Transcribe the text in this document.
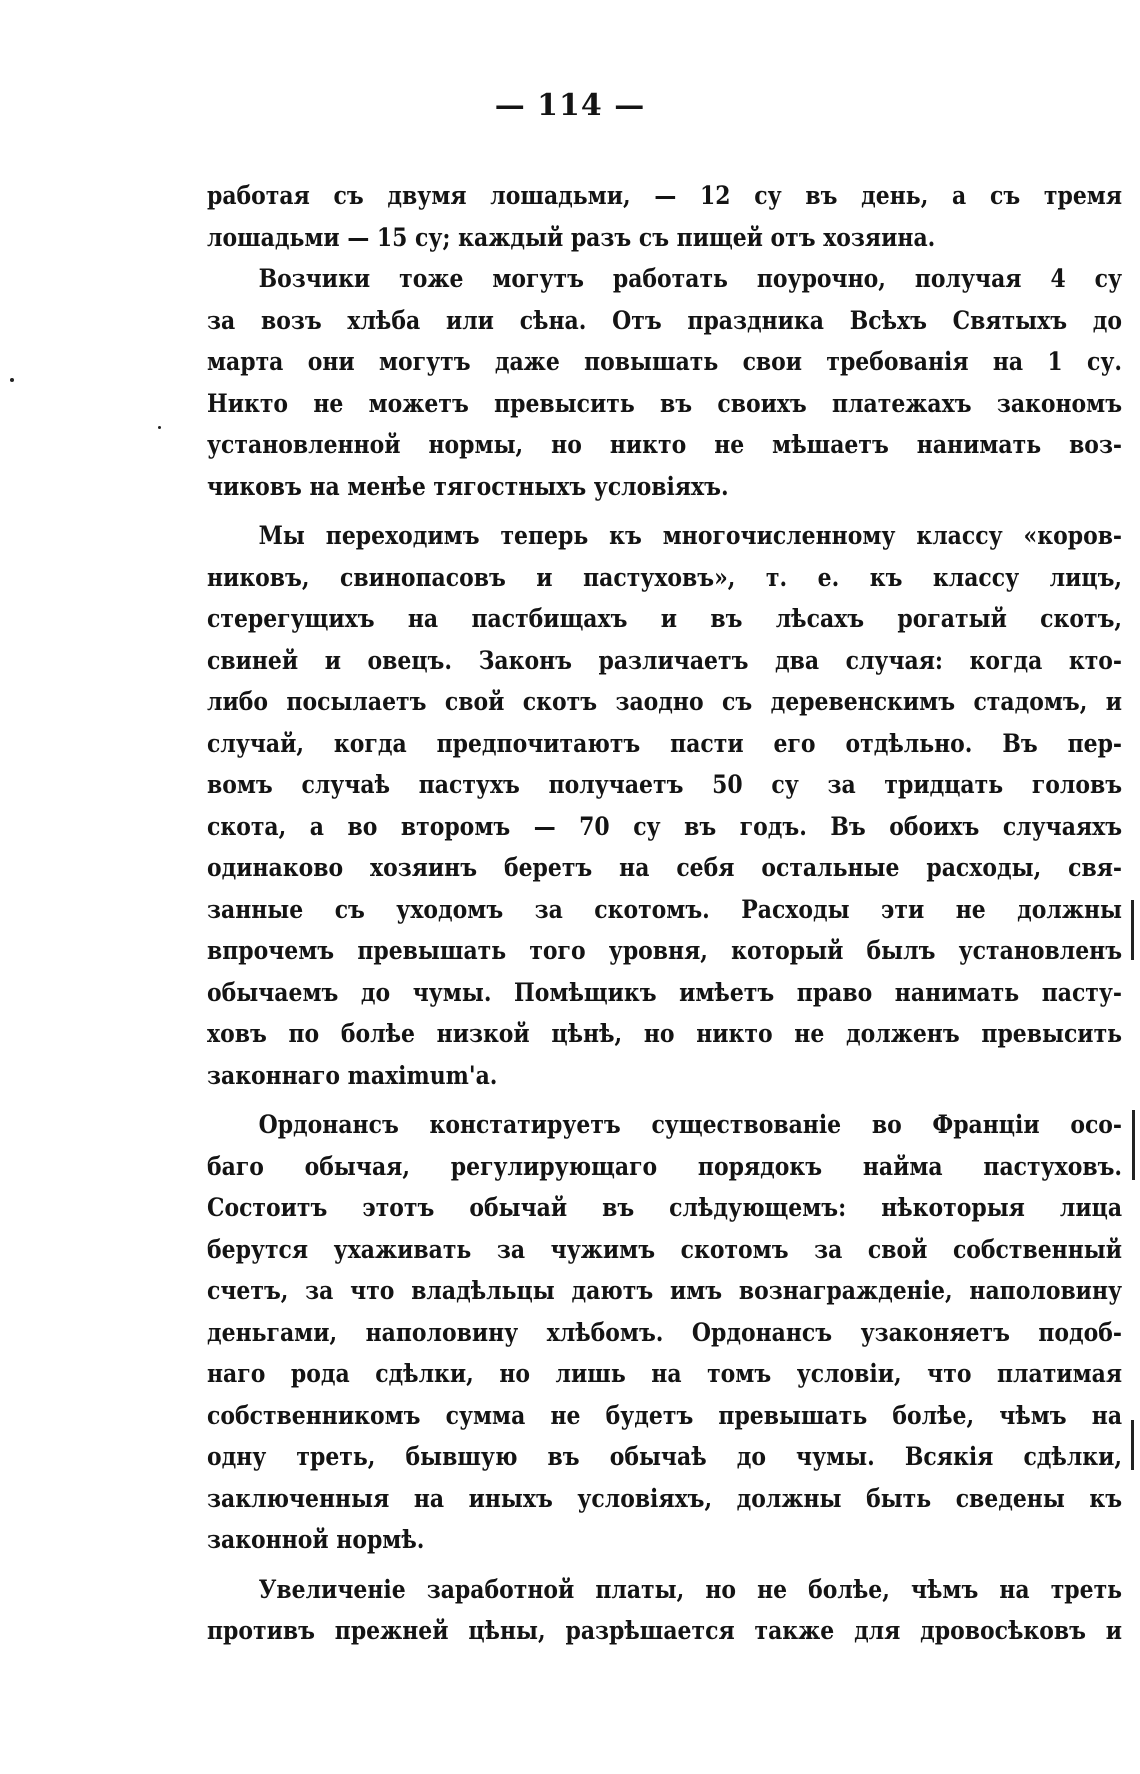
— 114 —
работая съ двумя лошадьми, — 12 су въ день, а съ тремя
лошадьми — 15 су; каждый разъ съ пищей отъ хозяина.
Возчики тоже могутъ работать поурочно, получая 4 су
за возъ хлѣба или сѣна. Отъ праздника Всѣхъ Святыхъ до
марта они могутъ даже повышать свои требованія на 1 су.
Никто не можетъ превысить въ своихъ платежахъ закономъ
установленной нормы, но никто не мѣшаетъ нанимать воз-
чиковъ на менѣе тягостныхъ условіяхъ.
Мы переходимъ теперь къ многочисленному классу «коров-
никовъ, свинопасовъ и пастуховъ», т. е. къ классу лицъ,
стерегущихъ на пастбищахъ и въ лѣсахъ рогатый скотъ,
свиней и овецъ. Законъ различаетъ два случая: когда кто-
либо посылаетъ свой скотъ заодно съ деревенскимъ стадомъ, и
случай, когда предпочитаютъ пасти его отдѣльно. Въ пер-
вомъ случаѣ пастухъ получаетъ 50 су за тридцать головъ
скота, а во второмъ — 70 су въ годъ. Въ обоихъ случаяхъ
одинаково хозяинъ беретъ на себя остальные расходы, свя-
занные съ уходомъ за скотомъ. Расходы эти не должны
впрочемъ превышать того уровня, который былъ установленъ
обычаемъ до чумы. Помѣщикъ имѣетъ право нанимать пасту-
ховъ по болѣе низкой цѣнѣ, но никто не долженъ превысить
законнаго maximum'а.
Ордонансъ констатируетъ существованіе во Франціи осо-
баго обычая, регулирующаго порядокъ найма пастуховъ.
Состоитъ этотъ обычай въ слѣдующемъ: нѣкоторыя лица
берутся ухаживать за чужимъ скотомъ за свой собственный
счетъ, за что владѣльцы даютъ имъ вознагражденіе, наполовину
деньгами, наполовину хлѣбомъ. Ордонансъ узаконяетъ подоб-
наго рода сдѣлки, но лишь на томъ условіи, что платимая
собственникомъ сумма не будетъ превышать болѣе, чѣмъ на
одну треть, бывшую въ обычаѣ до чумы. Всякія сдѣлки,
заключенныя на иныхъ условіяхъ, должны быть сведены къ
законной нормѣ.
Увеличеніе заработной платы, но не болѣе, чѣмъ на треть
противъ прежней цѣны, разрѣшается также для дровосѣковъ и
